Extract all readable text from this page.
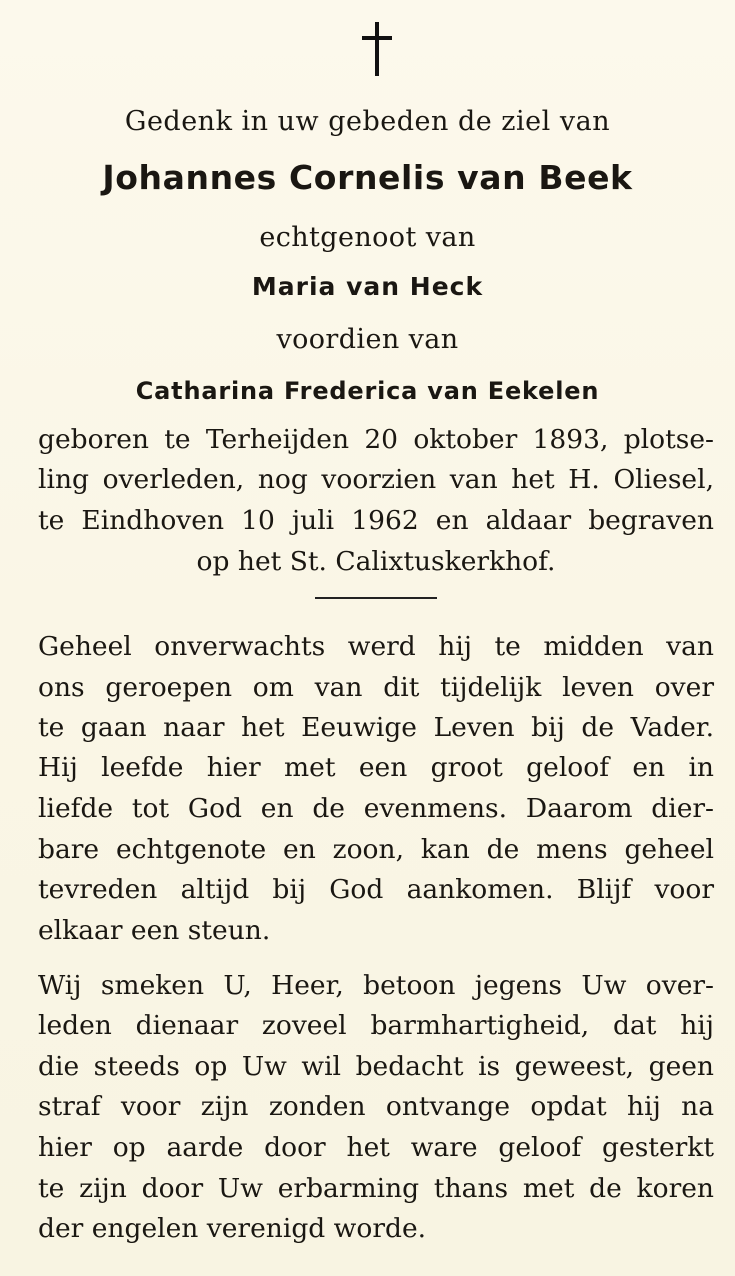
Gedenk in uw gebeden de ziel van
Johannes Cornelis van Beek
echtgenoot van
Maria van Heck
voordien van
Catharina Frederica van Eekelen
geboren te Terheijden 20 oktober 1893, plotse-
ling overleden, nog voorzien van het H. Oliesel,
te Eindhoven 10 juli 1962 en aldaar begraven
op het St. Calixtuskerkhof.
Geheel onverwachts werd hij te midden van
ons geroepen om van dit tijdelijk leven over
te gaan naar het Eeuwige Leven bij de Vader.
Hij leefde hier met een groot geloof en in
liefde tot God en de evenmens. Daarom dier-
bare echtgenote en zoon, kan de mens geheel
tevreden altijd bij God aankomen. Blijf voor
elkaar een steun.
Wij smeken U, Heer, betoon jegens Uw over-
leden dienaar zoveel barmhartigheid, dat hij
die steeds op Uw wil bedacht is geweest, geen
straf voor zijn zonden ontvange opdat hij na
hier op aarde door het ware geloof gesterkt
te zijn door Uw erbarming thans met de koren
der engelen verenigd worde.
